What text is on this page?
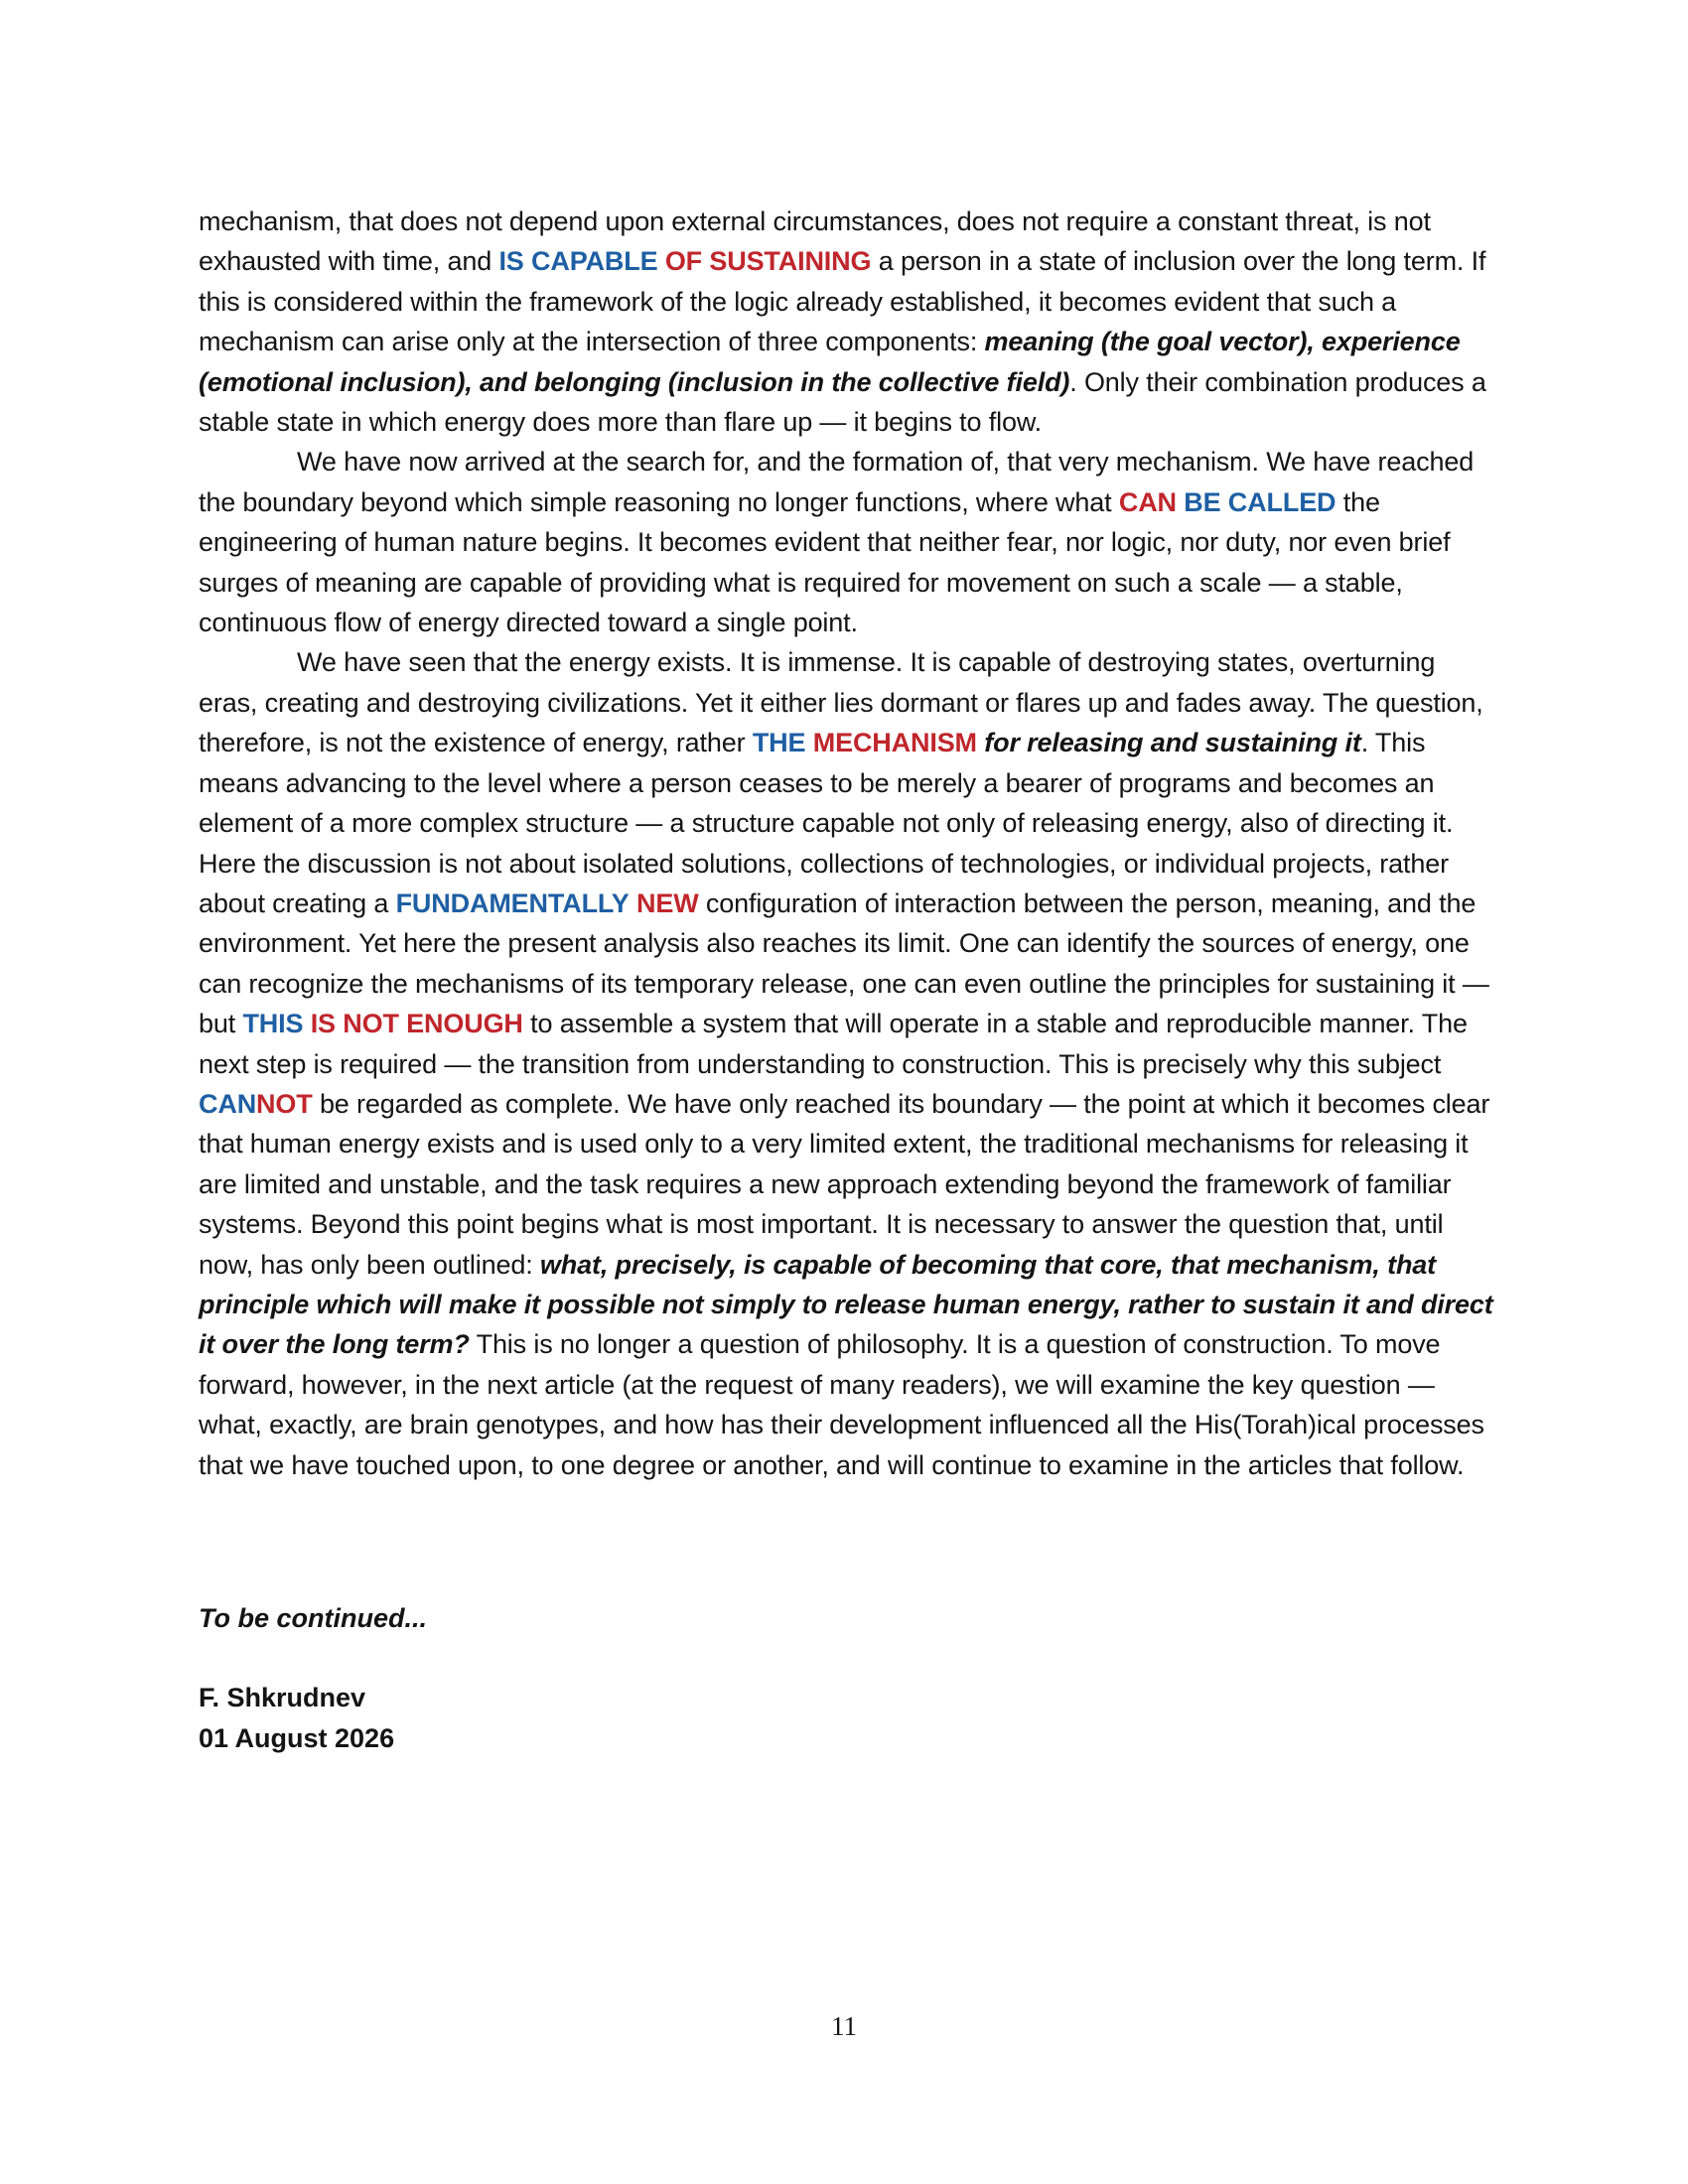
mechanism, that does not depend upon external circumstances, does not require a constant threat, is not exhausted with time, and IS CAPABLE OF SUSTAINING a person in a state of inclusion over the long term. If this is considered within the framework of the logic already established, it becomes evident that such a mechanism can arise only at the intersection of three components: meaning (the goal vector), experience (emotional inclusion), and belonging (inclusion in the collective field). Only their combination produces a stable state in which energy does more than flare up — it begins to flow.

We have now arrived at the search for, and the formation of, that very mechanism. We have reached the boundary beyond which simple reasoning no longer functions, where what CAN BE CALLED the engineering of human nature begins. It becomes evident that neither fear, nor logic, nor duty, nor even brief surges of meaning are capable of providing what is required for movement on such a scale — a stable, continuous flow of energy directed toward a single point.

We have seen that the energy exists. It is immense. It is capable of destroying states, overturning eras, creating and destroying civilizations. Yet it either lies dormant or flares up and fades away. The question, therefore, is not the existence of energy, rather THE MECHANISM for releasing and sustaining it. This means advancing to the level where a person ceases to be merely a bearer of programs and becomes an element of a more complex structure — a structure capable not only of releasing energy, also of directing it. Here the discussion is not about isolated solutions, collections of technologies, or individual projects, rather about creating a FUNDAMENTALLY NEW configuration of interaction between the person, meaning, and the environment. Yet here the present analysis also reaches its limit. One can identify the sources of energy, one can recognize the mechanisms of its temporary release, one can even outline the principles for sustaining it — but THIS IS NOT ENOUGH to assemble a system that will operate in a stable and reproducible manner. The next step is required — the transition from understanding to construction. This is precisely why this subject CANNOT be regarded as complete. We have only reached its boundary — the point at which it becomes clear that human energy exists and is used only to a very limited extent, the traditional mechanisms for releasing it are limited and unstable, and the task requires a new approach extending beyond the framework of familiar systems. Beyond this point begins what is most important. It is necessary to answer the question that, until now, has only been outlined: what, precisely, is capable of becoming that core, that mechanism, that principle which will make it possible not simply to release human energy, rather to sustain it and direct it over the long term? This is no longer a question of philosophy. It is a question of construction. To move forward, however, in the next article (at the request of many readers), we will examine the key question — what, exactly, are brain genotypes, and how has their development influenced all the His(Torah)ical processes that we have touched upon, to one degree or another, and will continue to examine in the articles that follow.

To be continued...
F. Shkrudnev
01 August 2026
11
